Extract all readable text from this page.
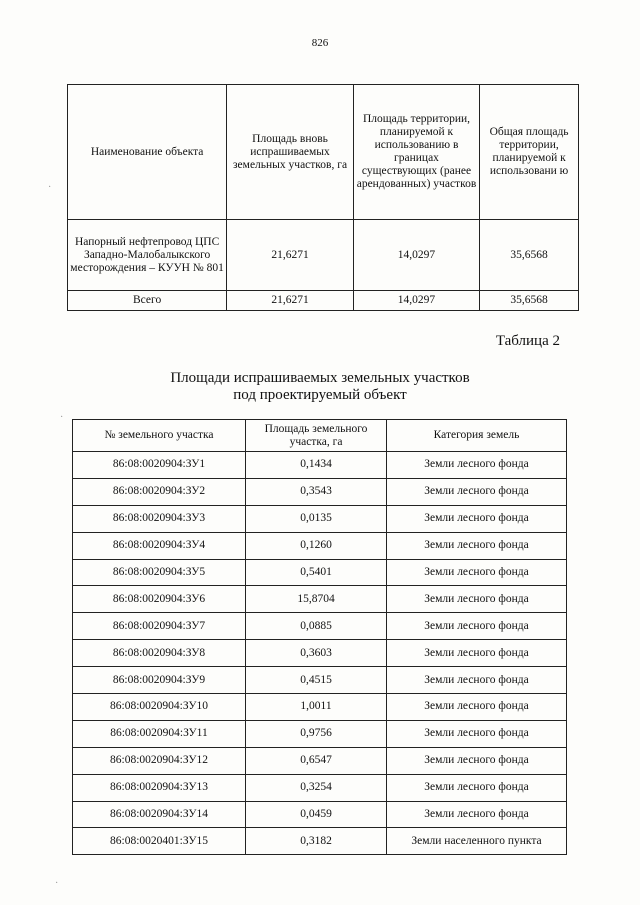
826
Наименование объекта	Площадь вновь испрашиваемых земельных участков, га	Площадь территории, планируемой к использованию в границах существующих (ранее арендованных) участков	Общая площадь территории, планируемой к использовани ю
Напорный нефтепровод ЦПС Западно-Малобалыкского месторождения – КУУН № 801	21,6271	14,0297	35,6568
Всего	21,6271	14,0297	35,6568
Таблица 2
Площади испрашиваемых земельных участков
под проектируемый объект
№ земельного участка	Площадь земельного участка, га	Категория земель
86:08:0020904:ЗУ1	0,1434	Земли лесного фонда
86:08:0020904:ЗУ2	0,3543	Земли лесного фонда
86:08:0020904:ЗУ3	0,0135	Земли лесного фонда
86:08:0020904:ЗУ4	0,1260	Земли лесного фонда
86:08:0020904:ЗУ5	0,5401	Земли лесного фонда
86:08:0020904:ЗУ6	15,8704	Земли лесного фонда
86:08:0020904:ЗУ7	0,0885	Земли лесного фонда
86:08:0020904:ЗУ8	0,3603	Земли лесного фонда
86:08:0020904:ЗУ9	0,4515	Земли лесного фонда
86:08:0020904:ЗУ10	1,0011	Земли лесного фонда
86:08:0020904:ЗУ11	0,9756	Земли лесного фонда
86:08:0020904:ЗУ12	0,6547	Земли лесного фонда
86:08:0020904:ЗУ13	0,3254	Земли лесного фонда
86:08:0020904:ЗУ14	0,0459	Земли лесного фонда
86:08:0020401:ЗУ15	0,3182	Земли населенного пункта
·
·
·
